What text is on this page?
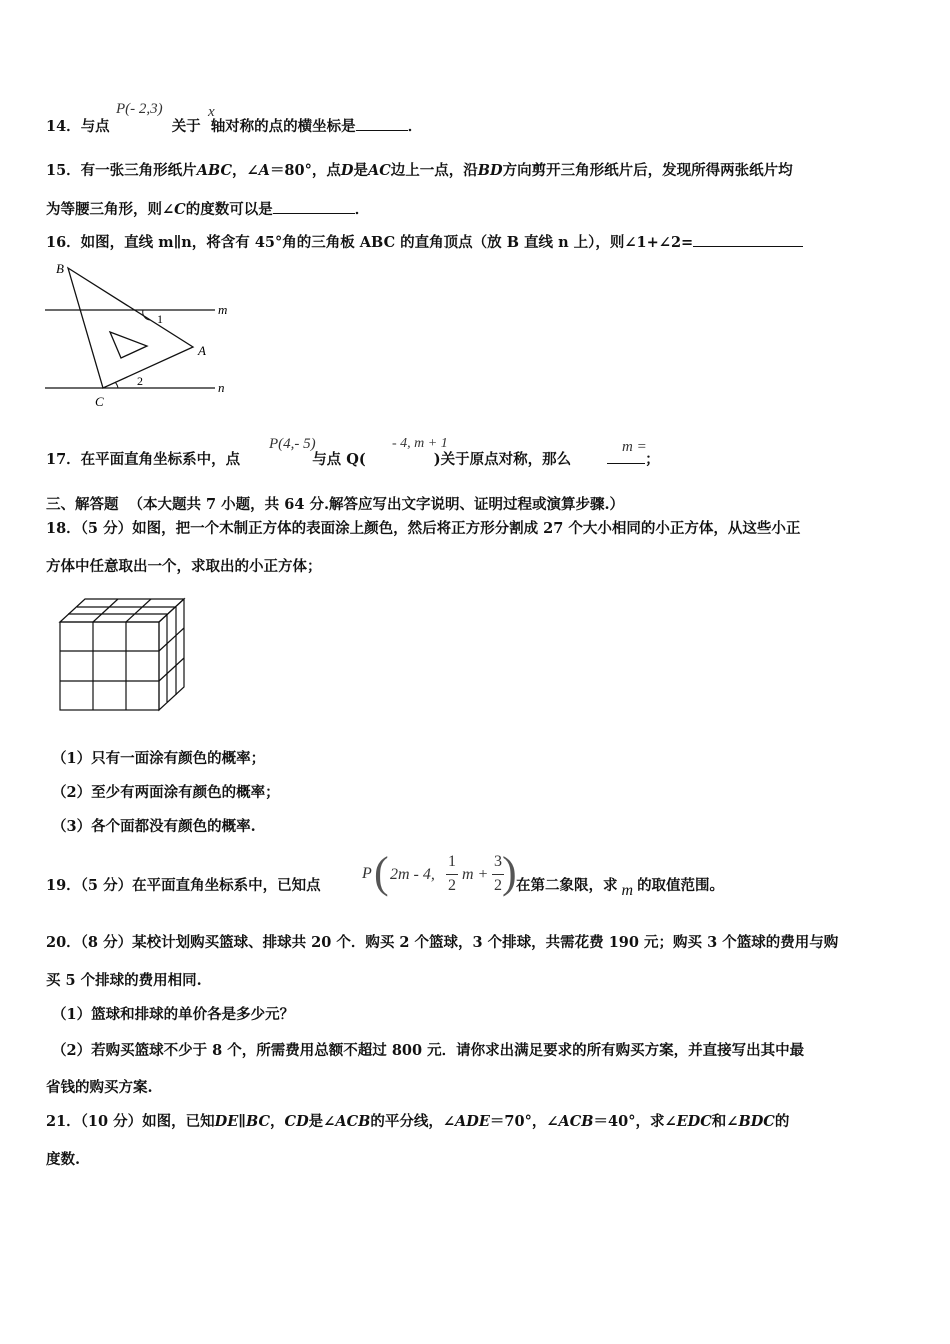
P(- 2,3)	x
14．与点	关于 轴对称的点的横坐标是	．
15．有一张三角形纸片ABC，∠A＝80°，点D是AC边上一点，沿BD方向剪开三角形纸片后，发现所得两张纸片均
为等腰三角形，则∠C的度数可以是	．
16．如图，直线 m∥n，将含有 45°角的三角板 ABC 的直角顶点（放 B 直线 n 上），则∠1+∠2=
B
m
1
A
2	n
C
P(4,- 5)	- 4, m + 1	m =
17．在平面直角坐标系中，点	与点 Q(	)关于原点对称，那么	；
三、解答题 （本大题共 7 小题，共 64 分.解答应写出文字说明、证明过程或演算步骤.）
18．（5 分）如图，把一个木制正方体的表面涂上颜色，然后将正方形分割成 27 个大小相同的小正方体，从这些小正
方体中任意取出一个，求取出的小正方体；
（1）只有一面涂有颜色的概率；
（2）至少有两面涂有颜色的概率；
（3）各个面都没有颜色的概率.
19．（5 分）在平面直角坐标系中，已知点
P ( 2m - 4,
1
2
m +
3
2 ) 在第二象限，求 m 的取值范围。
20．（8 分）某校计划购买篮球、排球共 20 个．购买 2 个篮球，3 个排球，共需花费 190 元；购买 3 个篮球的费用与购
买 5 个排球的费用相同.
（1）篮球和排球的单价各是多少元？
（2）若购买篮球不少于 8 个，所需费用总额不超过 800 元．请你求出满足要求的所有购买方案，并直接写出其中最
省钱的购买方案.
21．（10 分）如图，已知DE∥BC，CD是∠ACB的平分线，∠ADE＝70°，∠ACB＝40°，求∠EDC和∠BDC的
度数.
